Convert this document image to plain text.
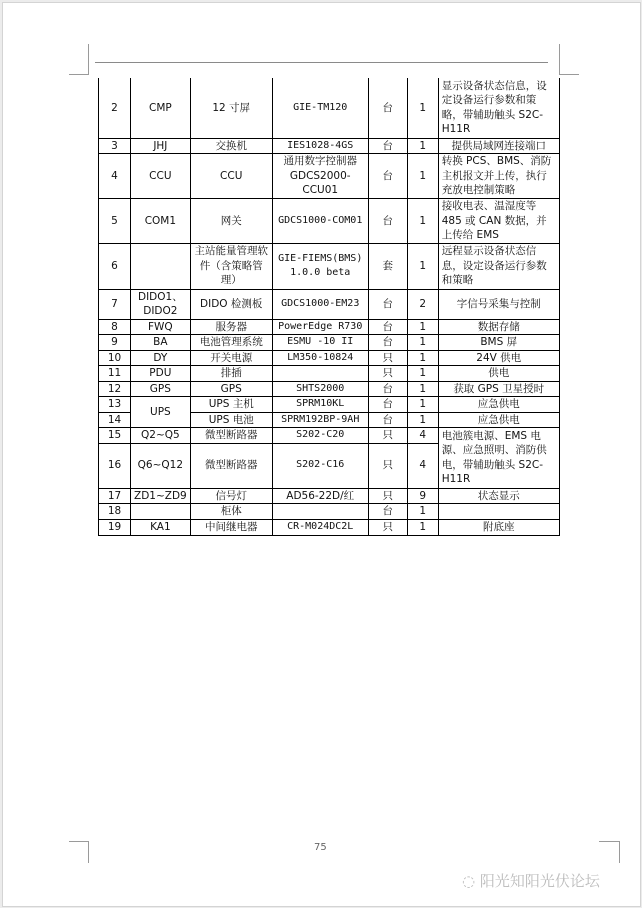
2	CMP	12 寸屏	GIE-TM120	台	1	显示设备状态信息，设定设备运行参数和策略，带辅助触头 S2C-H11R
3	JHJ	交换机	IES1028-4GS	台	1	提供局域网连接端口
4	CCU	CCU	通用数字控制器 GDCS2000-CCU01	台	1	转换 PCS、BMS、消防主机报文并上传，执行充放电控制策略
5	COM1	网关	GDCS1000-COM01	台	1	接收电表、温湿度等 485 或 CAN 数据，并上传给 EMS
6		主站能量管理软件（含策略管理）	GIE-FIEMS(BMS) 1.0.0 beta	套	1	远程显示设备状态信息，设定设备运行参数和策略
7	DIDO1、DIDO2	DIDO 检测板	GDCS1000-EM23	台	2	字信号采集与控制
8	FWQ	服务器	PowerEdge R730	台	1	数据存储
9	BA	电池管理系统	ESMU -10 II	台	1	BMS 屏
10	DY	开关电源	LM350-10824	只	1	24V 供电
11	PDU	排插		只	1	供电
12	GPS	GPS	SHTS2000	台	1	获取 GPS 卫星授时
13	UPS	UPS 主机	SPRM10KL	台	1	应急供电
14		UPS 电池	SPRM192BP-9AH	台	1	应急供电
15	Q2~Q5	微型断路器	S202-C20	只	4	电池簇电源、EMS 电源、应急照明、消防供电，带辅助触头 S2C-H11R
16	Q6~Q12	微型断路器	S202-C16	只	4	
17	ZD1~ZD9	信号灯	AD56-22D/红	只	9	状态显示
18		柜体		台	1	
19	KA1	中间继电器	CR-M024DC2L	只	1	附底座
75
◌ 阳光知阳光伏论坛
